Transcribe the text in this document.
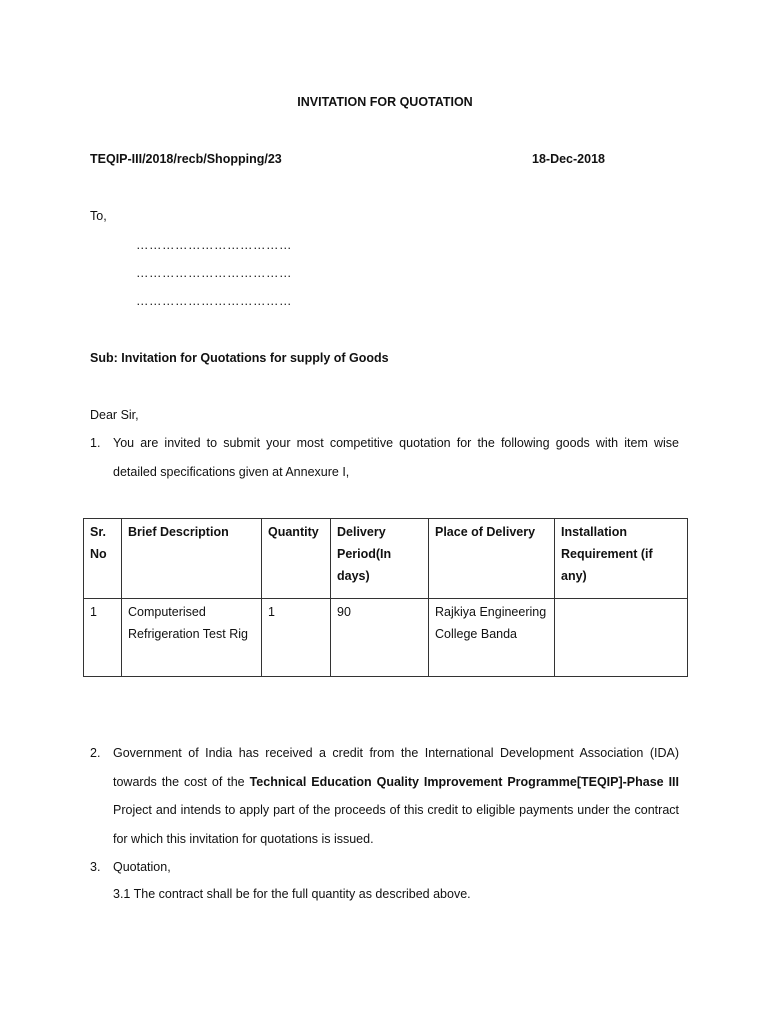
INVITATION FOR QUOTATION
TEQIP-III/2018/recb/Shopping/23	18-Dec-2018
To,
………………………………
………………………………
………………………………
Sub: Invitation for Quotations for supply of Goods
Dear Sir,
1. You are invited to submit your most competitive quotation for the following goods with item wise detailed specifications given at Annexure I,
Sr. No	Brief Description	Quantity	Delivery Period(In days)	Place of Delivery	Installation Requirement (if any)
1	Computerised Refrigeration Test Rig	1	90	Rajkiya Engineering College Banda	
2. Government of India has received a credit from the International Development Association (IDA) towards the cost of the Technical Education Quality Improvement Programme[TEQIP]-Phase III Project and intends to apply part of the proceeds of this credit to eligible payments under the contract for which this invitation for quotations is issued.
3. Quotation,
3.1 The contract shall be for the full quantity as described above.
